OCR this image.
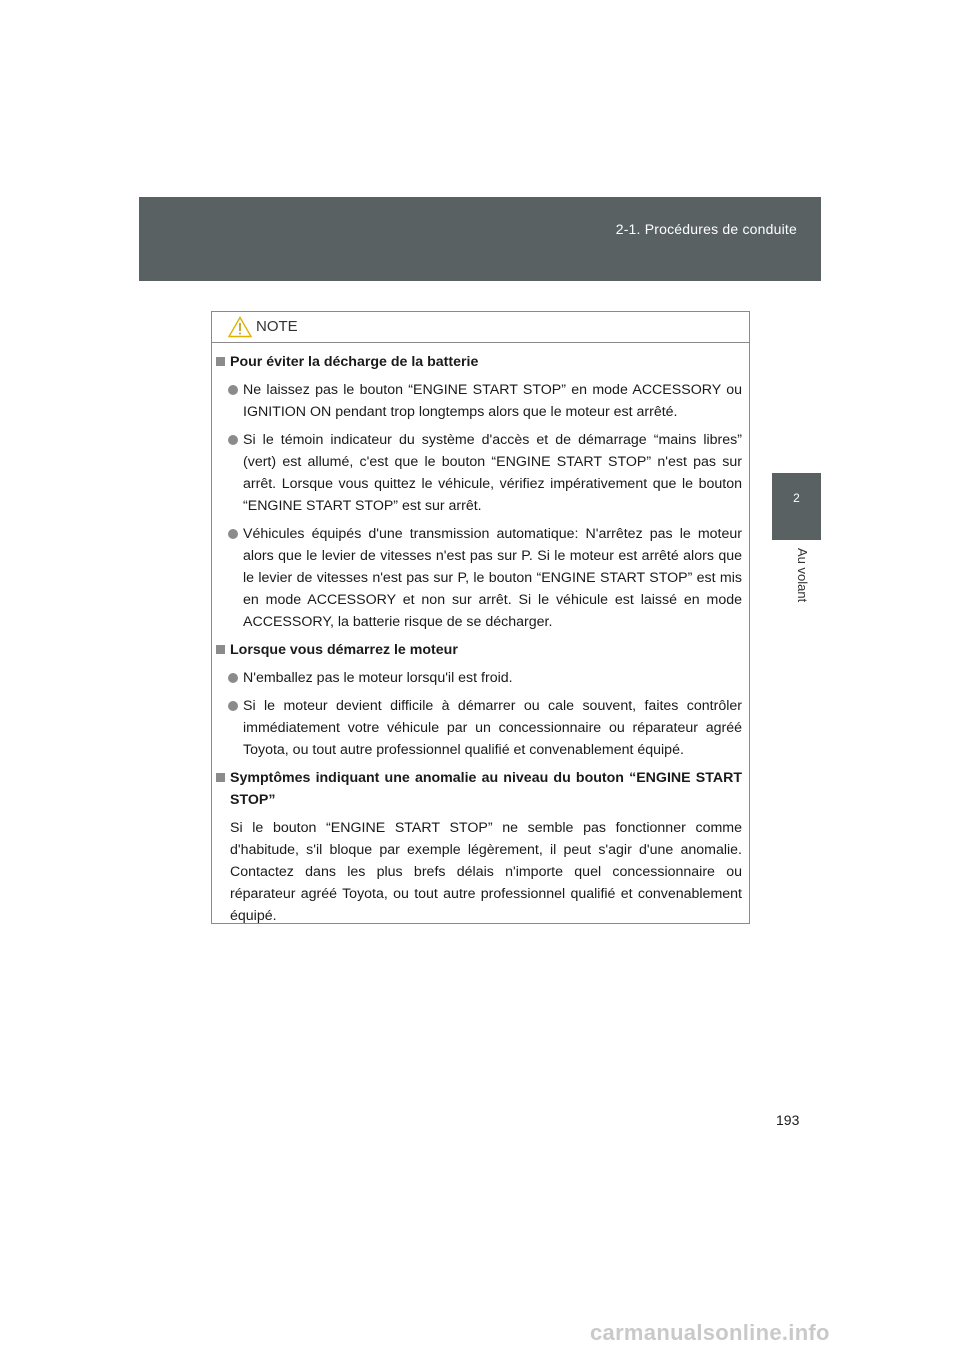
2-1. Procédures de conduite
2
Au volant
NOTE
Pour éviter la décharge de la batterie
Ne laissez pas le bouton “ENGINE START STOP” en mode ACCESSORY ou IGNITION ON pendant trop longtemps alors que le moteur est arrêté.
Si le témoin indicateur du système d'accès et de démarrage “mains libres” (vert) est allumé, c'est que le bouton “ENGINE START STOP” n'est pas sur arrêt. Lorsque vous quittez le véhicule, vérifiez impérativement que le bouton “ENGINE START STOP” est sur arrêt.
Véhicules équipés d'une transmission automatique: N'arrêtez pas le moteur alors que le levier de vitesses n'est pas sur P. Si le moteur est arrêté alors que le levier de vitesses n'est pas sur P, le bouton “ENGINE START STOP” est mis en mode ACCESSORY et non sur arrêt. Si le véhicule est laissé en mode ACCESSORY, la batterie risque de se décharger.
Lorsque vous démarrez le moteur
N'emballez pas le moteur lorsqu'il est froid.
Si le moteur devient difficile à démarrer ou cale souvent, faites contrôler immédiatement votre véhicule par un concessionnaire ou réparateur agréé Toyota, ou tout autre professionnel qualifié et convenablement équipé.
Symptômes indiquant une anomalie au niveau du bouton “ENGINE START STOP”
Si le bouton “ENGINE START STOP” ne semble pas fonctionner comme d'habitude, s'il bloque par exemple légèrement, il peut s'agir d'une anomalie. Contactez dans les plus brefs délais n'importe quel concessionnaire ou réparateur agréé Toyota, ou tout autre professionnel qualifié et convenablement équipé.
193
carmanualsonline.info
